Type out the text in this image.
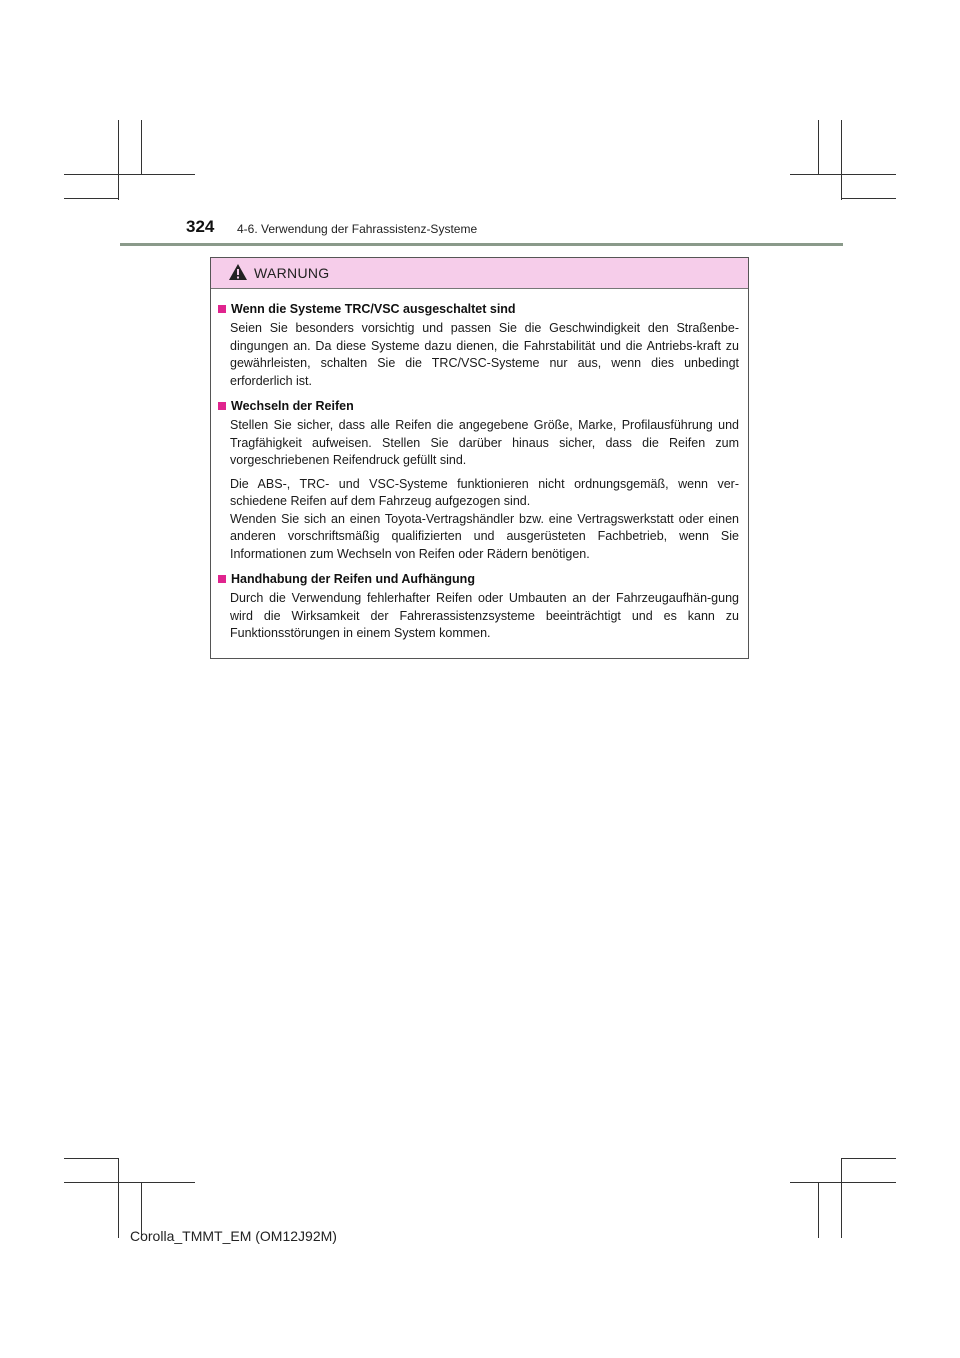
324 4-6. Verwendung der Fahrassistenz-Systeme
WARNUNG
Wenn die Systeme TRC/VSC ausgeschaltet sind
Seien Sie besonders vorsichtig und passen Sie die Geschwindigkeit den Straßenbe-dingungen an. Da diese Systeme dazu dienen, die Fahrstabilität und die Antriebs-kraft zu gewährleisten, schalten Sie die TRC/VSC-Systeme nur aus, wenn dies unbedingt erforderlich ist.
Wechseln der Reifen
Stellen Sie sicher, dass alle Reifen die angegebene Größe, Marke, Profilausführung und Tragfähigkeit aufweisen. Stellen Sie darüber hinaus sicher, dass die Reifen zum vorgeschriebenen Reifendruck gefüllt sind.
Die ABS-, TRC- und VSC-Systeme funktionieren nicht ordnungsgemäß, wenn ver-schiedene Reifen auf dem Fahrzeug aufgezogen sind.
Wenden Sie sich an einen Toyota-Vertragshändler bzw. eine Vertragswerkstatt oder einen anderen vorschriftsmäßig qualifizierten und ausgerüsteten Fachbetrieb, wenn Sie Informationen zum Wechseln von Reifen oder Rädern benötigen.
Handhabung der Reifen und Aufhängung
Durch die Verwendung fehlerhafter Reifen oder Umbauten an der Fahrzeugaufhän-gung wird die Wirksamkeit der Fahrerassistenzsysteme beeinträchtigt und es kann zu Funktionsstörungen in einem System kommen.
Corolla_TMMT_EM (OM12J92M)
